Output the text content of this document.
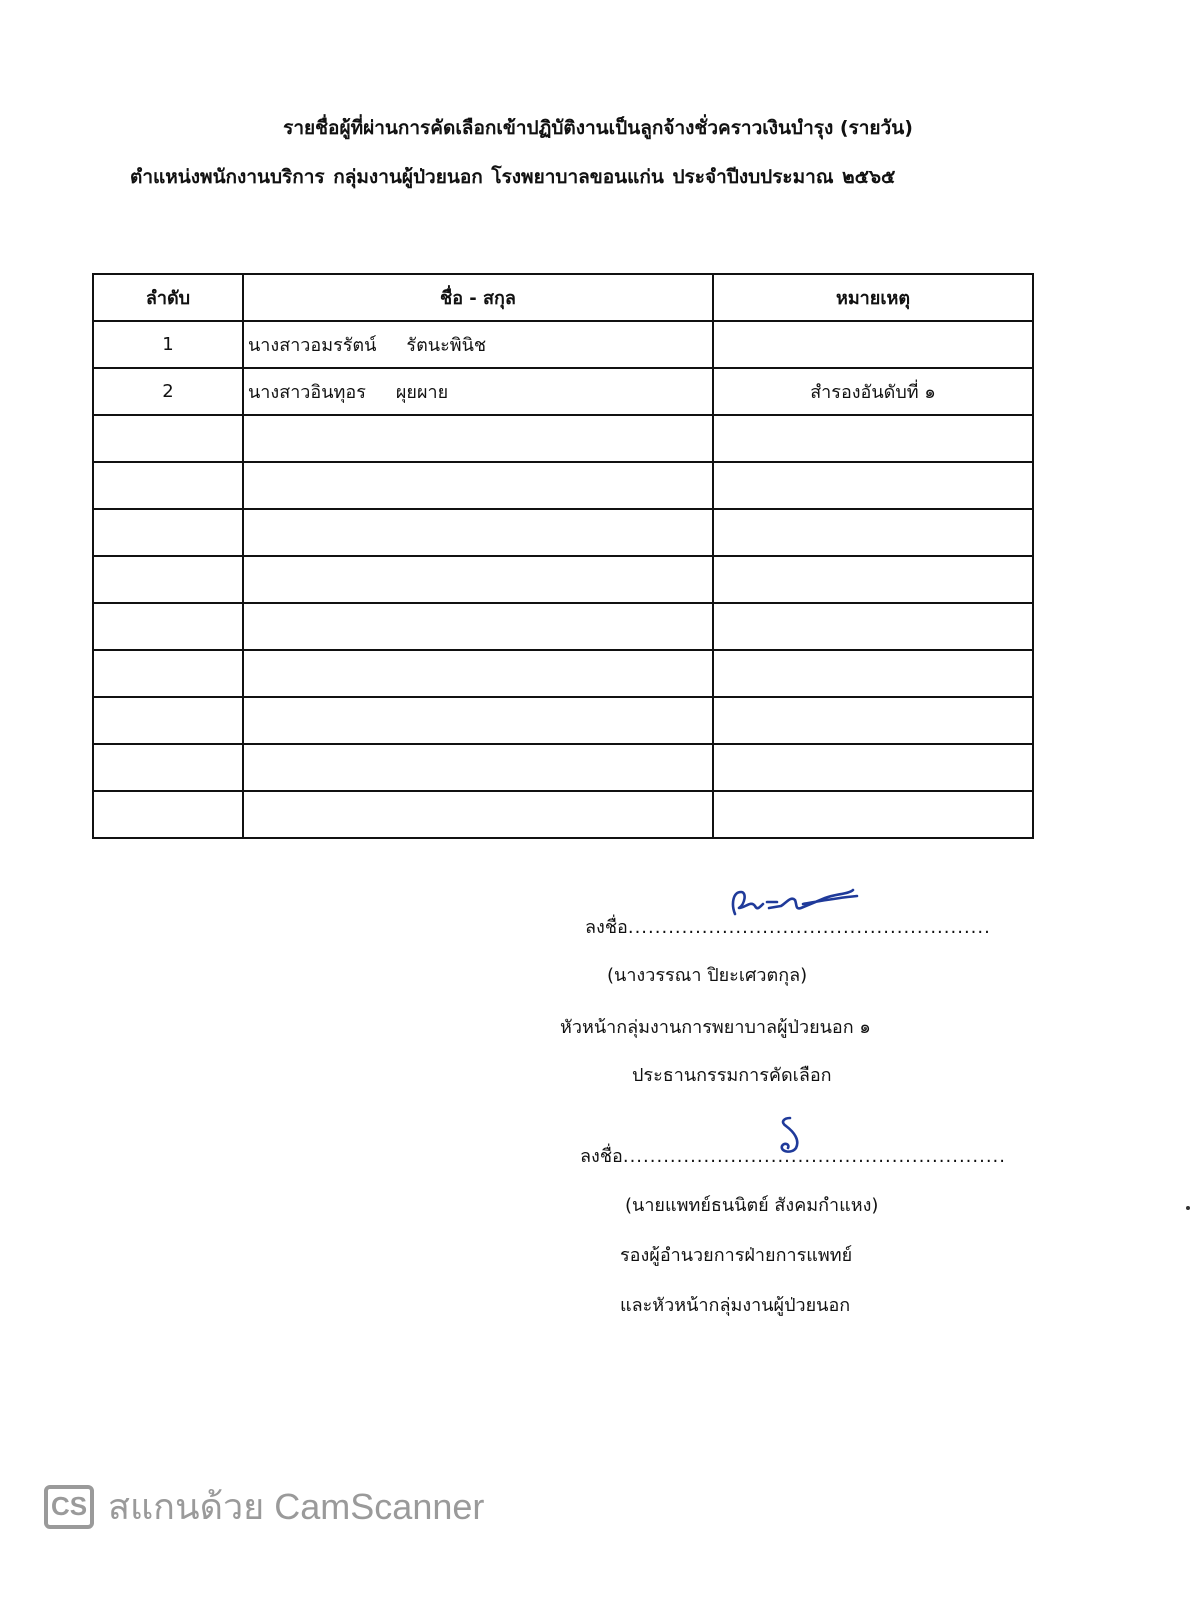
รายชื่อผู้ที่ผ่านการคัดเลือกเข้าปฏิบัติงานเป็นลูกจ้างชั่วคราวเงินบำรุง (รายวัน)
ตำแหน่งพนักงานบริการ กลุ่มงานผู้ป่วยนอก โรงพยาบาลขอนแก่น ประจำปีงบประมาณ ๒๕๖๕
ลำดับ	ชื่อ - สกุล	หมายเหตุ
1	นางสาวอมรรัตน์ รัตนะพินิช	
2	นางสาวอินทุอร ผุยผาย	สำรองอันดับที่ ๑

ลงชื่อ......................................................
(นางวรรณา ปิยะเศวตกุล)
หัวหน้ากลุ่มงานการพยาบาลผู้ป่วยนอก ๑
ประธานกรรมการคัดเลือก
ลงชื่อ.........................................................
(นายแพทย์ธนนิตย์ สังคมกำแหง)
รองผู้อำนวยการฝ่ายการแพทย์
และหัวหน้ากลุ่มงานผู้ป่วยนอก
CS สแกนด้วย CamScanner
